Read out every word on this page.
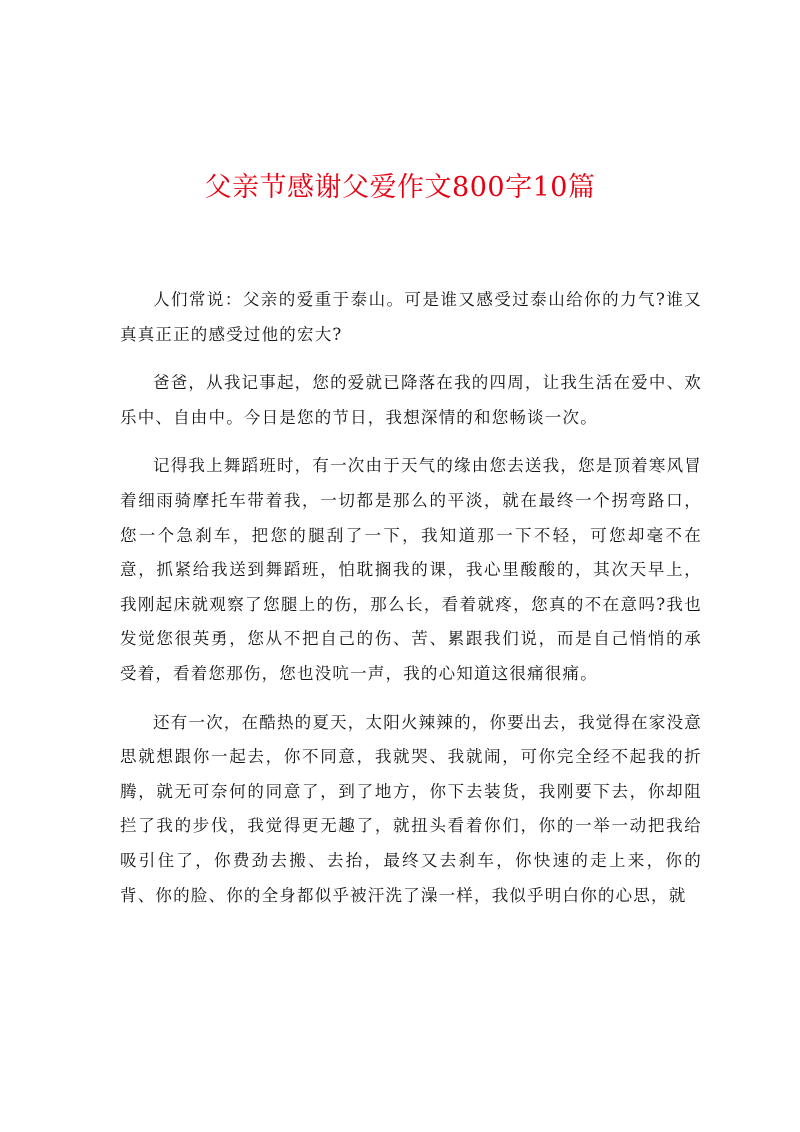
父亲节感谢父爱作文800字10篇

人们常说：父亲的爱重于泰山。可是谁又感受过泰山给你的力气?谁又真真正正的感受过他的宏大?

爸爸，从我记事起，您的爱就已降落在我的四周，让我生活在爱中、欢乐中、自由中。今日是您的节日，我想深情的和您畅谈一次。

记得我上舞蹈班时，有一次由于天气的缘由您去送我，您是顶着寒风冒着细雨骑摩托车带着我，一切都是那么的平淡，就在最终一个拐弯路口，您一个急刹车，把您的腿刮了一下，我知道那一下不轻，可您却毫不在意，抓紧给我送到舞蹈班，怕耽搁我的课，我心里酸酸的，其次天早上，我刚起床就观察了您腿上的伤，那么长，看着就疼，您真的不在意吗?我也发觉您很英勇，您从不把自己的伤、苦、累跟我们说，而是自己悄悄的承受着，看着您那伤，您也没吭一声，我的心知道这很痛很痛。

还有一次，在酷热的夏天，太阳火辣辣的，你要出去，我觉得在家没意思就想跟你一起去，你不同意，我就哭、我就闹，可你完全经不起我的折腾，就无可奈何的同意了，到了地方，你下去装货，我刚要下去，你却阻拦了我的步伐，我觉得更无趣了，就扭头看着你们，你的一举一动把我给吸引住了，你费劲去搬、去抬，最终又去刹车，你快速的走上来，你的背、你的脸、你的全身都似乎被汗洗了澡一样，我似乎明白你的心思，就
